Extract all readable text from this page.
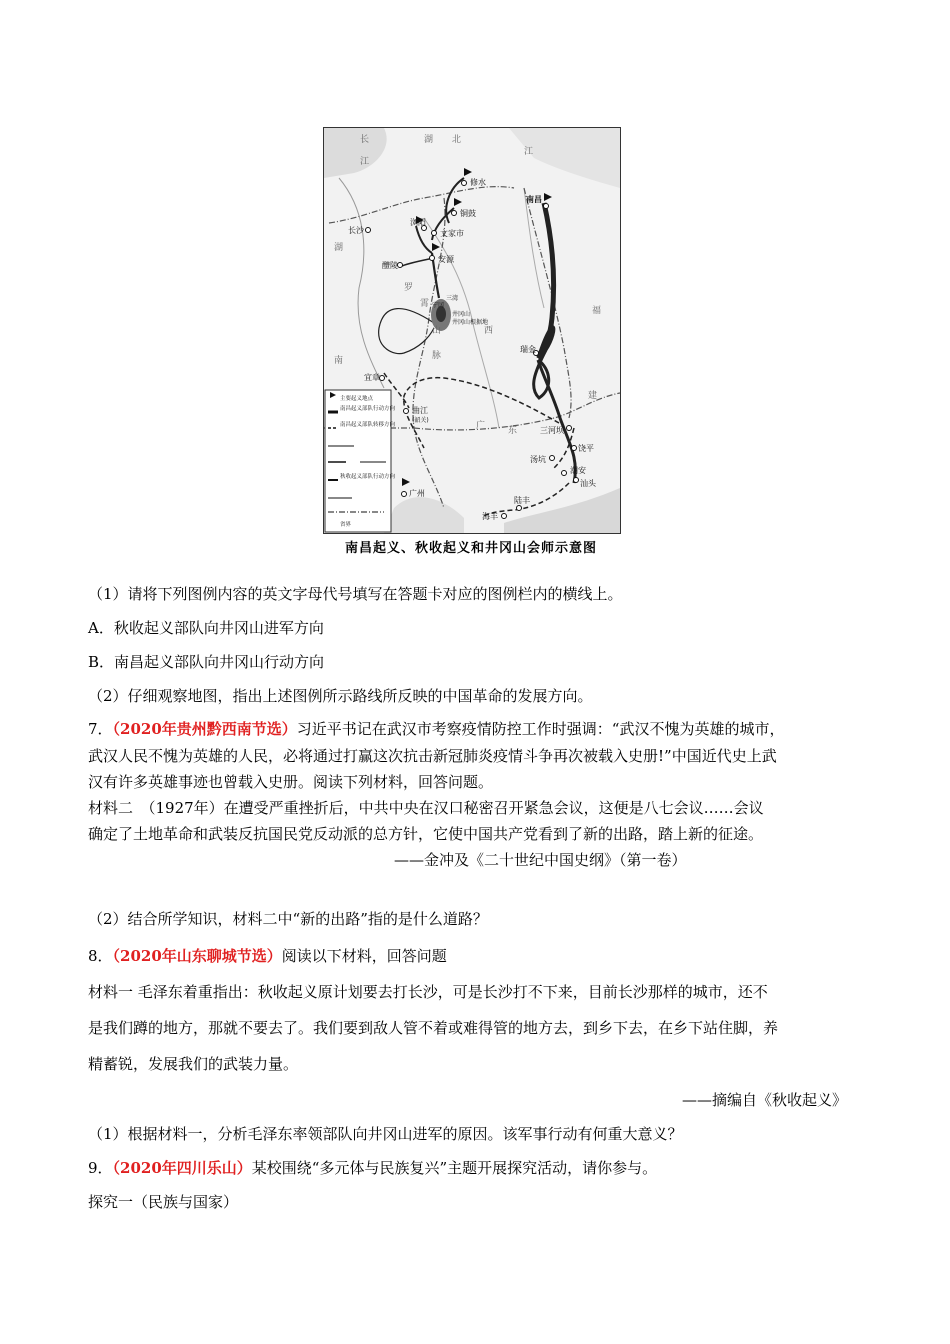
长沙
修水
铜鼓
浏阳
文家市
安源
醴陵
南昌
瑞金
宜章
曲江
(韶关)
三河坝
饶平
汤坑
潮安
汕头
陆丰
海丰
广州
井冈山
井冈山根据地
三湾
宁冈
湖 北
湖
南
江
西
福
建
广	东
长
江
罗
霄
山
脉
主要起义地点
南昌起义部队行动方向
南昌起义部队转移方向
秋收起义部队行动方向
省界
南昌起义、秋收起义和井冈山会师示意图
（1）请将下列图例内容的英文字母代号填写在答题卡对应的图例栏内的横线上。
A．秋收起义部队向井冈山进军方向
B．南昌起义部队向井冈山行动方向
（2）仔细观察地图，指出上述图例所示路线所反映的中国革命的发展方向。
7．（2020年贵州黔西南节选）习近平书记在武汉市考察疫情防控工作时强调：“武汉不愧为英雄的城市，
武汉人民不愧为英雄的人民，必将通过打赢这次抗击新冠肺炎疫情斗争再次被载入史册!”中国近代史上武
汉有许多英雄事迹也曾载入史册。阅读下列材料，回答问题。
材料二　（1927年）在遭受严重挫折后，中共中央在汉口秘密召开紧急会议，这便是八七会议……会议
确定了土地革命和武装反抗国民党反动派的总方针，它使中国共产党看到了新的出路，踏上新的征途。
——金冲及《二十世纪中国史纲》（第一卷）
（2）结合所学知识，材料二中“新的出路”指的是什么道路？
8．（2020年山东聊城节选）阅读以下材料，回答问题
材料一 毛泽东着重指出：秋收起义原计划要去打长沙，可是长沙打不下来，目前长沙那样的城市，还不
是我们蹲的地方，那就不要去了。我们要到敌人管不着或难得管的地方去，到乡下去，在乡下站住脚，养
精蓄锐，发展我们的武装力量。
——摘编自《秋收起义》
（1）根据材料一，分析毛泽东率领部队向井冈山进军的原因。该军事行动有何重大意义？
9．（2020年四川乐山）某校围绕“多元体与民族复兴”主题开展探究活动，请你参与。
探究一（民族与国家）
